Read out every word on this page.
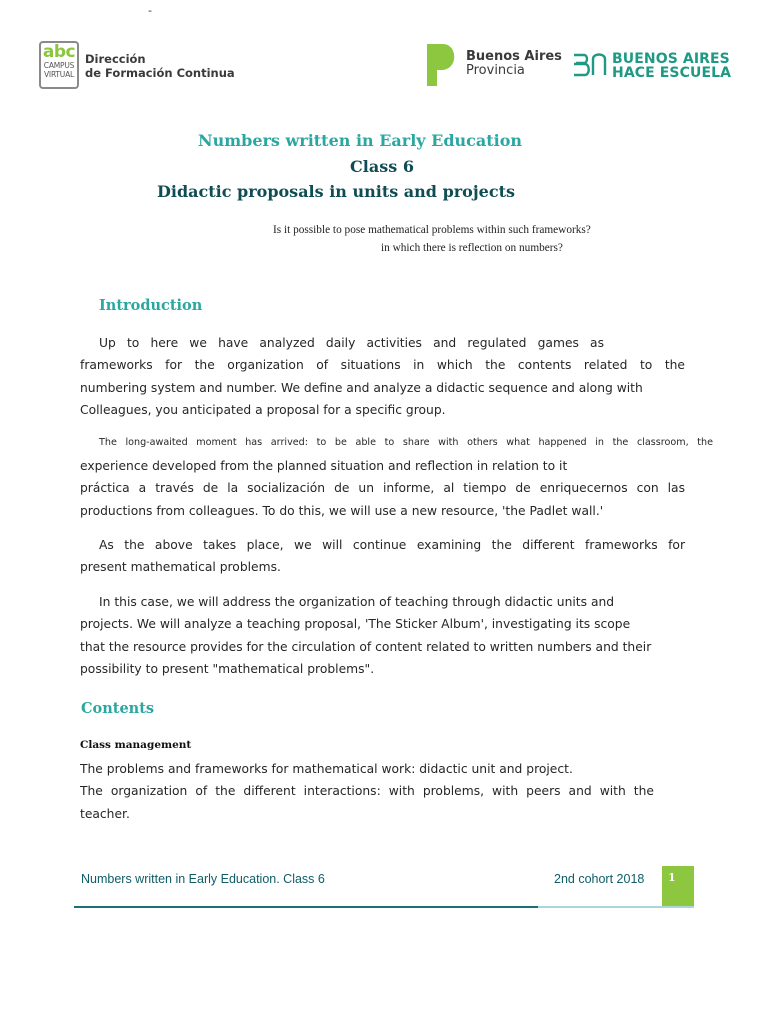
-
abc
CAMPUS
VIRTUAL
Dirección
de Formación Continua
Buenos Aires
Provincia
BUENOS AIRES
HACE ESCUELA
Numbers written in Early Education
Class 6
Didactic proposals in units and projects
Is it possible to pose mathematical problems within such frameworks?
in which there is reflection on numbers?
Introduction
Up to here we have analyzed daily activities and regulated games as
frameworks for the organization of situations in which the contents related to the
numbering system and number. We define and analyze a didactic sequence and along with
Colleagues, you anticipated a proposal for a specific group.
The long-awaited moment has arrived: to be able to share with others what happened in the classroom, the
experience developed from the planned situation and reflection in relation to it
práctica a través de la socialización de un informe, al tiempo de enriquecernos con las
productions from colleagues. To do this, we will use a new resource, 'the Padlet wall.'
As the above takes place, we will continue examining the different frameworks for
present mathematical problems.
In this case, we will address the organization of teaching through didactic units and
projects. We will analyze a teaching proposal, 'The Sticker Album', investigating its scope
that the resource provides for the circulation of content related to written numbers and their
possibility to present "mathematical problems".
Contents
Class management
The problems and frameworks for mathematical work: didactic unit and project.
The organization of the different interactions: with problems, with peers and with the
teacher.
Numbers written in Early Education. Class 6	2nd cohort 2018 1
